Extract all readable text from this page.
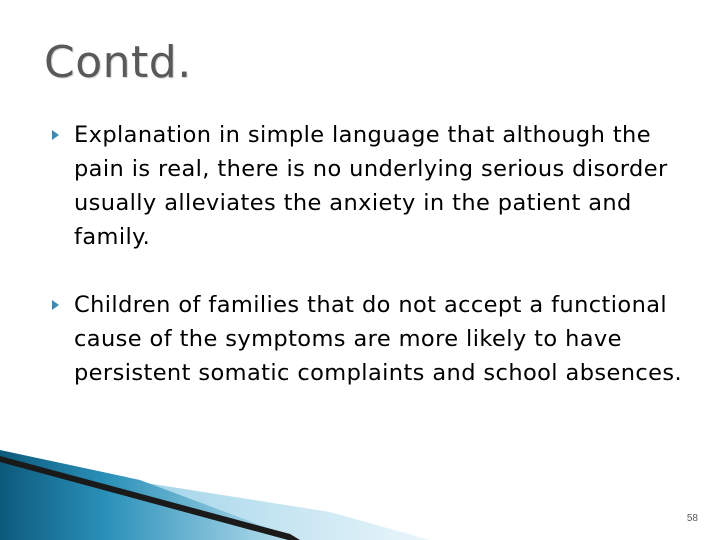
Contd.
Explanation in simple language that although the pain is real, there is no underlying serious disorder usually alleviates the anxiety in the patient and family.
Children of families that do not accept a functional cause of the symptoms are more likely to have persistent somatic complaints and school absences.
58
